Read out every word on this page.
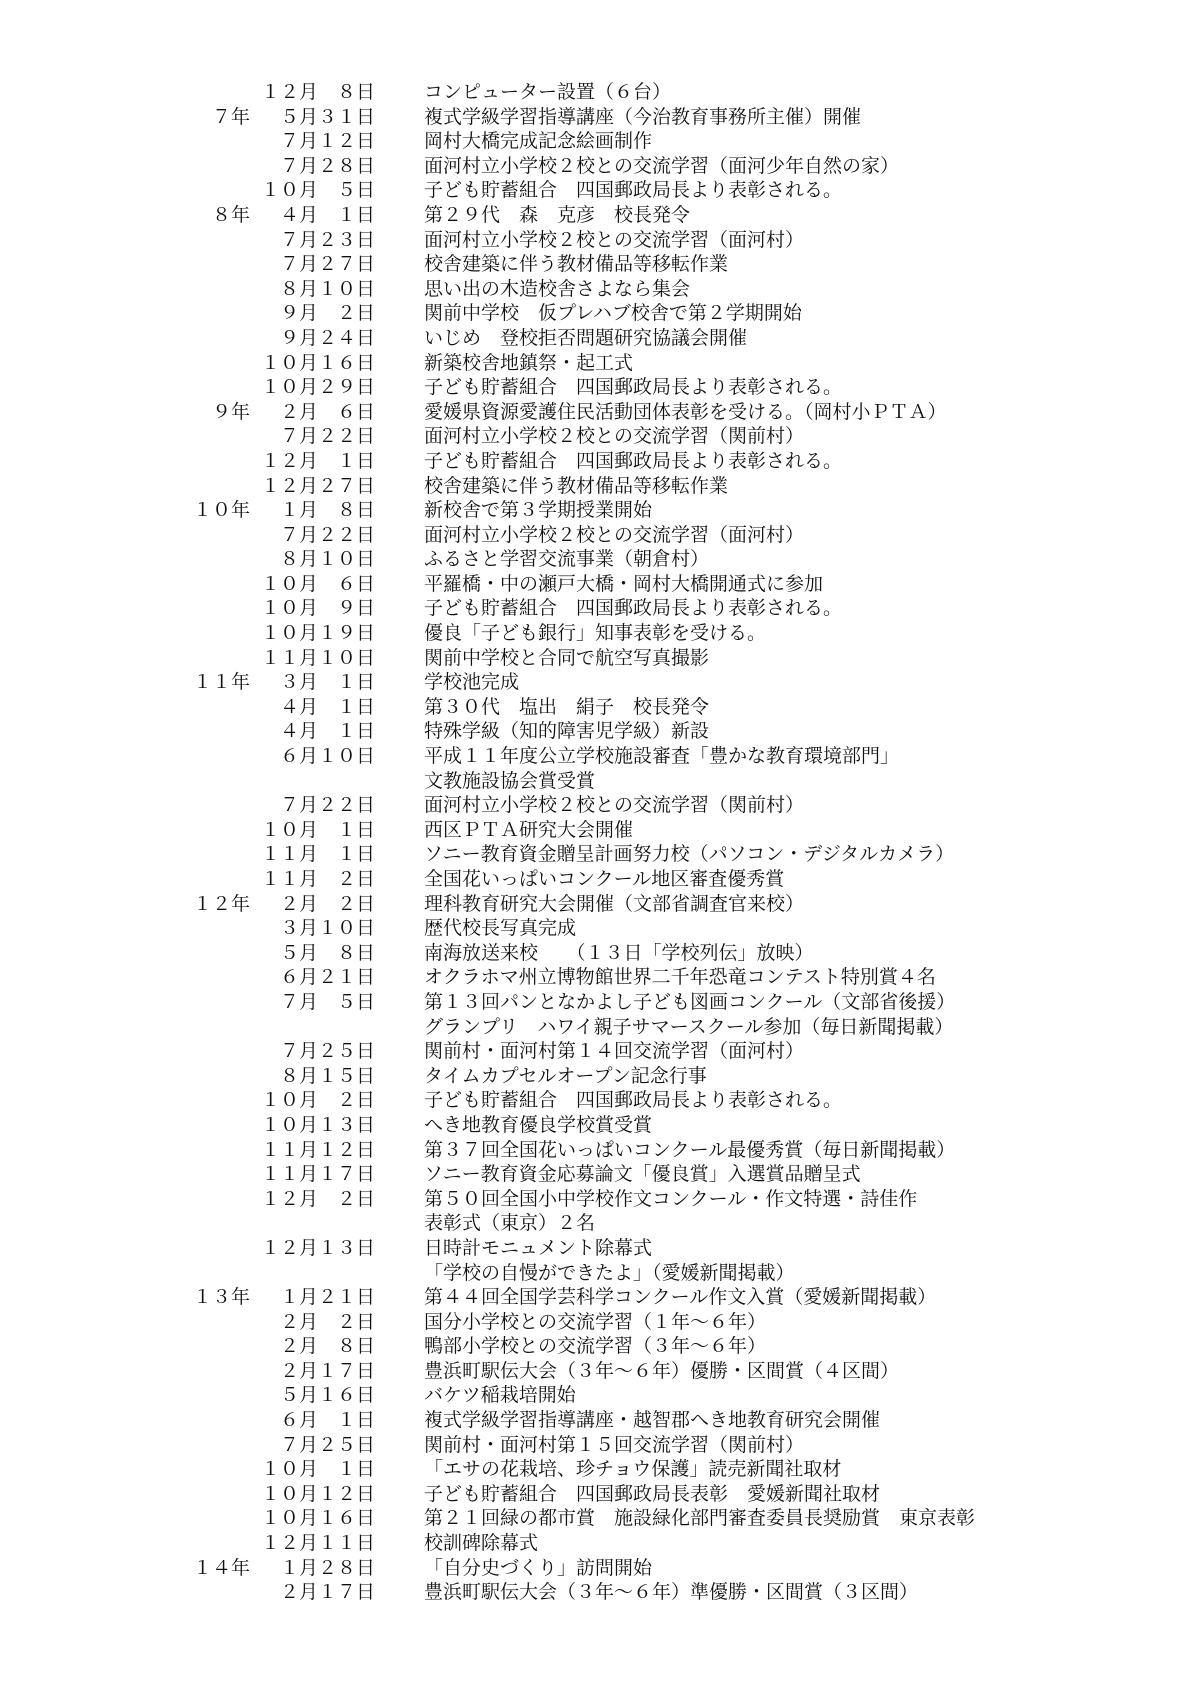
１２月　８日	コンピューター設置（６台）
７年 ５月３１日	複式学級学習指導講座（今治教育事務所主催）開催
７月１２日	岡村大橋完成記念絵画制作
７月２８日	面河村立小学校２校との交流学習（面河少年自然の家）
１０月　５日	子ども貯蓄組合　四国郵政局長より表彰される。
８年 ４月　１日	第２９代　森　克彦　校長発令
７月２３日	面河村立小学校２校との交流学習（面河村）
７月２７日	校舎建築に伴う教材備品等移転作業
８月１０日	思い出の木造校舎さよなら集会
９月　２日	関前中学校　仮プレハブ校舎で第２学期開始
９月２４日	いじめ　登校拒否問題研究協議会開催
１０月１６日	新築校舎地鎮祭・起工式
１０月２９日	子ども貯蓄組合　四国郵政局長より表彰される。
９年 ２月　６日	愛媛県資源愛護住民活動団体表彰を受ける。（岡村小ＰＴＡ）
７月２２日	面河村立小学校２校との交流学習（関前村）
１２月　１日	子ども貯蓄組合　四国郵政局長より表彰される。
１２月２７日	校舎建築に伴う教材備品等移転作業
１０年 １月　８日	新校舎で第３学期授業開始
７月２２日	面河村立小学校２校との交流学習（面河村）
８月１０日	ふるさと学習交流事業（朝倉村）
１０月　６日	平羅橋・中の瀬戸大橋・岡村大橋開通式に参加
１０月　９日	子ども貯蓄組合　四国郵政局長より表彰される。
１０月１９日	優良「子ども銀行」知事表彰を受ける。
１１月１０日	関前中学校と合同で航空写真撮影
１１年 ３月　１日	学校池完成
４月　１日	第３０代　塩出　絹子　校長発令
４月　１日	特殊学級（知的障害児学級）新設
６月１０日	平成１１年度公立学校施設審査「豊かな教育環境部門」
文教施設協会賞受賞
７月２２日	面河村立小学校２校との交流学習（関前村）
１０月　１日	西区ＰＴＡ研究大会開催
１１月　１日	ソニー教育資金贈呈計画努力校（パソコン・デジタルカメラ）
１１月　２日	全国花いっぱいコンクール地区審査優秀賞
１２年 ２月　２日	理科教育研究大会開催（文部省調査官来校）
３月１０日	歴代校長写真完成
５月　８日	南海放送来校　　（１３日「学校列伝」放映）
６月２１日	オクラホマ州立博物館世界二千年恐竜コンテスト特別賞４名
７月　５日	第１３回パンとなかよし子ども図画コンクール（文部省後援）
グランプリ　ハワイ親子サマースクール参加（毎日新聞掲載）
７月２５日	関前村・面河村第１４回交流学習（面河村）
８月１５日	タイムカプセルオープン記念行事
１０月　２日	子ども貯蓄組合　四国郵政局長より表彰される。
１０月１３日	へき地教育優良学校賞受賞
１１月１２日	第３７回全国花いっぱいコンクール最優秀賞（毎日新聞掲載）
１１月１７日	ソニー教育資金応募論文「優良賞」入選賞品贈呈式
１２月　２日	第５０回全国小中学校作文コンクール・作文特選・詩佳作
表彰式（東京）２名
１２月１３日	日時計モニュメント除幕式
「学校の自慢ができたよ」（愛媛新聞掲載）
１３年 １月２１日	第４４回全国学芸科学コンクール作文入賞（愛媛新聞掲載）
２月　２日	国分小学校との交流学習（１年～６年）
２月　８日	鴨部小学校との交流学習（３年～６年）
２月１７日	豊浜町駅伝大会（３年～６年）優勝・区間賞（４区間）
５月１６日	バケツ稲栽培開始
６月　１日	複式学級学習指導講座・越智郡へき地教育研究会開催
７月２５日	関前村・面河村第１５回交流学習（関前村）
１０月　１日	「エサの花栽培、珍チョウ保護」読売新聞社取材
１０月１２日	子ども貯蓄組合　四国郵政局長表彰　愛媛新聞社取材
１０月１６日	第２１回緑の都市賞　施設緑化部門審査委員長奨励賞　東京表彰
１２月１１日	校訓碑除幕式
１４年 １月２８日	「自分史づくり」訪問開始
２月１７日	豊浜町駅伝大会（３年～６年）準優勝・区間賞（３区間）
